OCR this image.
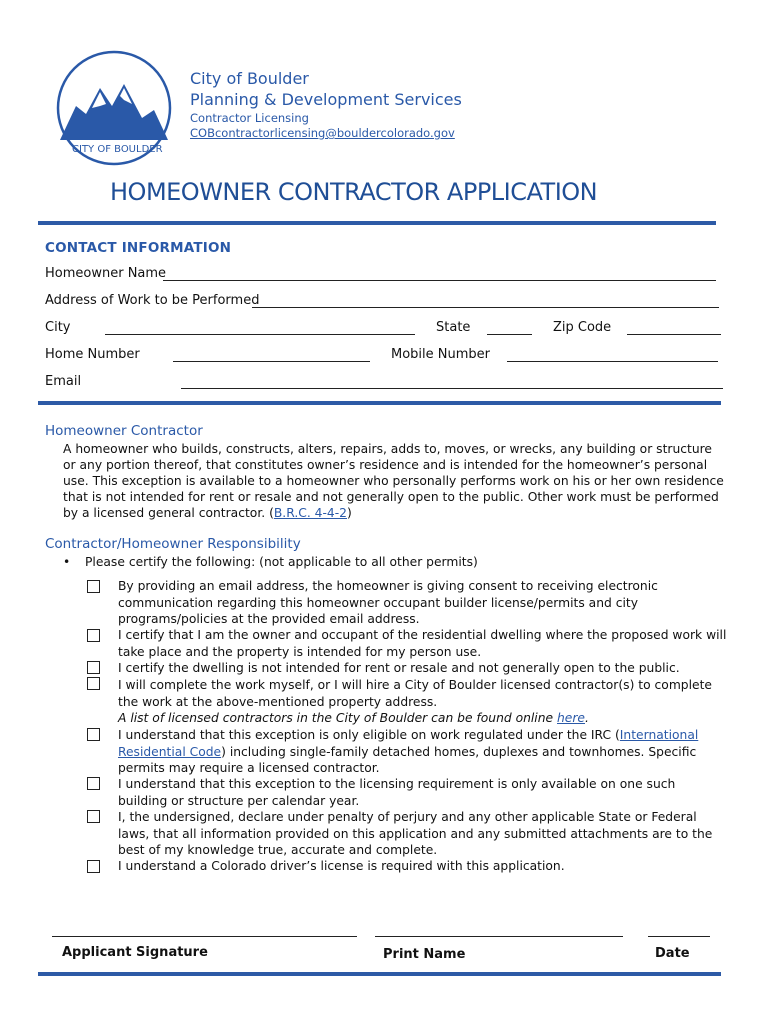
CITY OF BOULDER
City of Boulder
Planning & Development Services
Contractor Licensing
COBcontractorlicensing@bouldercolorado.gov
HOMEOWNER CONTRACTOR APPLICATION
CONTACT INFORMATION
Homeowner Name
Address of Work to be Performed
City	State	Zip Code
Home Number	Mobile Number
Email
Homeowner Contractor
A homeowner who builds, constructs, alters, repairs, adds to, moves, or wrecks, any building or structure or any portion thereof, that constitutes owner’s residence and is intended for the homeowner’s personal use. This exception is available to a homeowner who personally performs work on his or her own residence that is not intended for rent or resale and not generally open to the public. Other work must be performed by a licensed general contractor. (B.R.C. 4-4-2)
Contractor/Homeowner Responsibility
• Please certify the following: (not applicable to all other permits)
By providing an email address, the homeowner is giving consent to receiving electronic communication regarding this homeowner occupant builder license/permits and city programs/policies at the provided email address.
I certify that I am the owner and occupant of the residential dwelling where the proposed work will take place and the property is intended for my person use.
I certify the dwelling is not intended for rent or resale and not generally open to the public.
I will complete the work myself, or I will hire a City of Boulder licensed contractor(s) to complete the work at the above-mentioned property address.
A list of licensed contractors in the City of Boulder can be found online here.
I understand that this exception is only eligible on work regulated under the IRC (International Residential Code) including single-family detached homes, duplexes and townhomes. Specific permits may require a licensed contractor.
I understand that this exception to the licensing requirement is only available on one such building or structure per calendar year.
I, the undersigned, declare under penalty of perjury and any other applicable State or Federal laws, that all information provided on this application and any submitted attachments are to the best of my knowledge true, accurate and complete.
I understand a Colorado driver’s license is required with this application.
Applicant Signature	Print Name	Date
